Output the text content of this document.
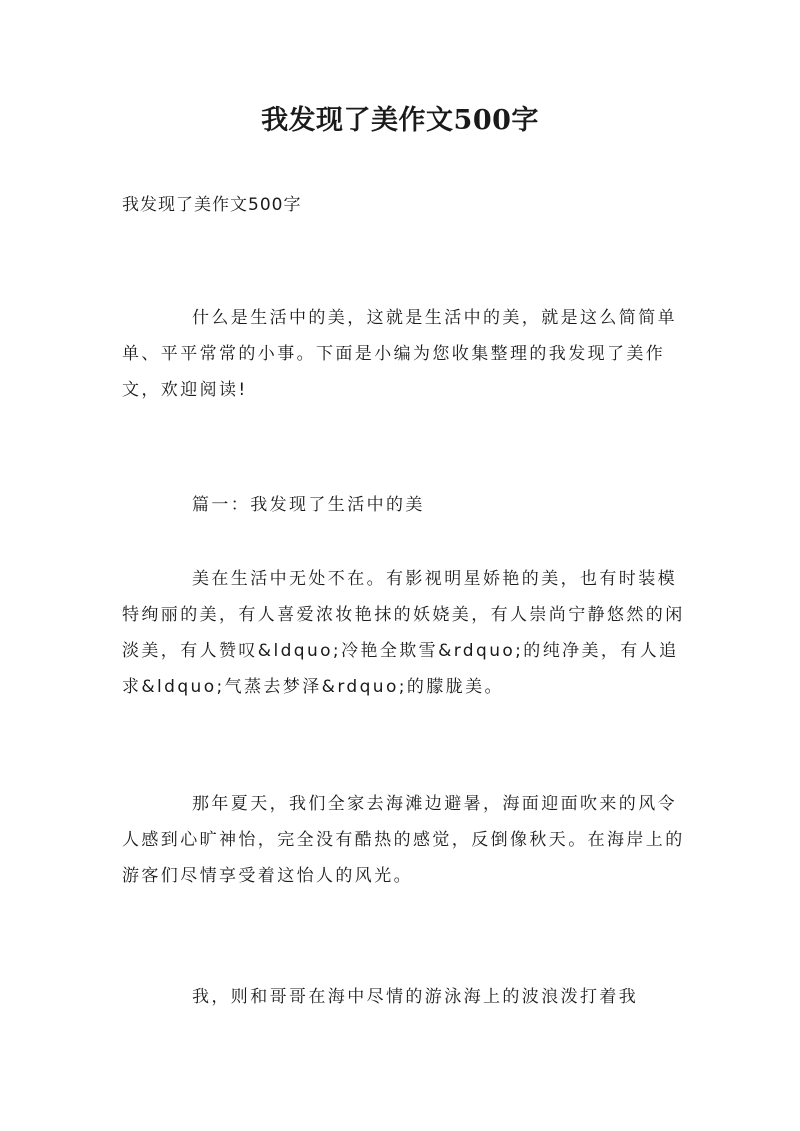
我发现了美作文500字

我发现了美作文500字

什么是生活中的美，这就是生活中的美，就是这么简简单单、平平常常的小事。下面是小编为您收集整理的我发现了美作文，欢迎阅读!

篇一：我发现了生活中的美

美在生活中无处不在。有影视明星娇艳的美，也有时装模特绚丽的美，有人喜爱浓妆艳抹的妖娆美，有人崇尚宁静悠然的闲淡美，有人赞叹&ldquo;冷艳全欺雪&rdquo;的纯净美，有人追求&ldquo;气蒸去梦泽&rdquo;的朦胧美。

那年夏天，我们全家去海滩边避暑，海面迎面吹来的风令人感到心旷神怡，完全没有酷热的感觉，反倒像秋天。在海岸上的游客们尽情享受着这怡人的风光。

我，则和哥哥在海中尽情的游泳海上的波浪泼打着我
